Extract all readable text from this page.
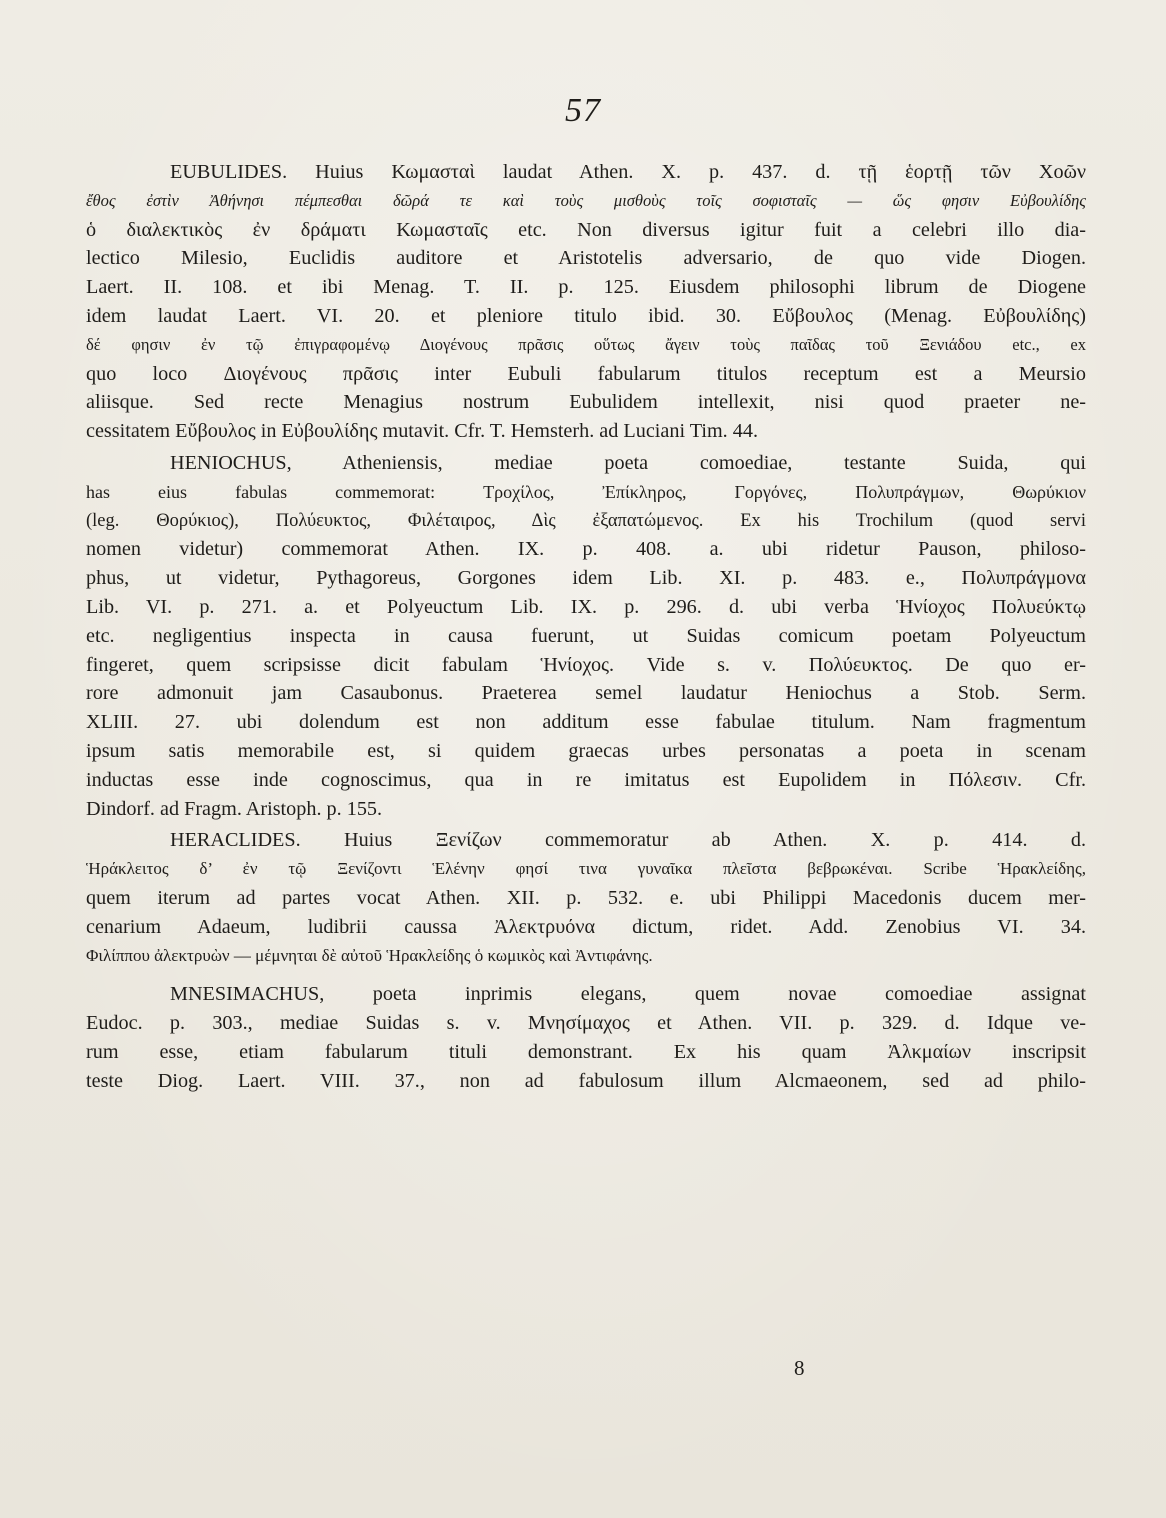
57
EUBULIDES. Huius Κωμασταὶ laudat Athen. X. p. 437. d. τῇ ἑορτῇ τῶν Χοῶν
ἔθος ἐστὶν Ἀθήνησι πέμπεσθαι δῶρά τε καὶ τοὺς μισθοὺς τοῖς σοφισταῖς — ὥς φησιν Εὐβουλίδης
ὁ διαλεκτικὸς ἐν δράματι Κωμασταῖς etc. Non diversus igitur fuit a celebri illo dia-
lectico Milesio, Euclidis auditore et Aristotelis adversario, de quo vide Diogen.
Laert. II. 108. et ibi Menag. T. II. p. 125. Eiusdem philosophi librum de Diogene
idem laudat Laert. VI. 20. et pleniore titulo ibid. 30. Εὔβουλος (Menag. Εὐβουλίδης)
δέ φησιν ἐν τῷ ἐπιγραφομένῳ Διογένους πρᾶσις οὕτως ἄγειν τοὺς παῖδας τοῦ Ξενιάδου etc., ex
quo loco Διογένους πρᾶσις inter Eubuli fabularum titulos receptum est a Meursio
aliisque. Sed recte Menagius nostrum Eubulidem intellexit, nisi quod praeter ne-
cessitatem Εὔβουλος in Εὐβουλίδης mutavit. Cfr. T. Hemsterh. ad Luciani Tim. 44.
HENIOCHUS, Atheniensis, mediae poeta comoediae, testante Suida, qui
has eius fabulas commemorat: Τροχίλος, Ἐπίκληρος, Γοργόνες, Πολυπράγμων, Θωρύκιον
(leg. Θορύκιος), Πολύευκτος, Φιλέταιρος, Δὶς ἐξαπατώμενος. Ex his Trochilum (quod servi
nomen videtur) commemorat Athen. IX. p. 408. a. ubi ridetur Pauson, philoso-
phus, ut videtur, Pythagoreus, Gorgones idem Lib. XI. p. 483. e., Πολυπράγμονα
Lib. VI. p. 271. a. et Polyeuctum Lib. IX. p. 296. d. ubi verba Ἡνίοχος Πολυεύκτῳ
etc. negligentius inspecta in causa fuerunt, ut Suidas comicum poetam Polyeuctum
fingeret, quem scripsisse dicit fabulam Ἡνίοχος. Vide s. v. Πολύευκτος. De quo er-
rore admonuit jam Casaubonus. Praeterea semel laudatur Heniochus a Stob. Serm.
XLIII. 27. ubi dolendum est non additum esse fabulae titulum. Nam fragmentum
ipsum satis memorabile est, si quidem graecas urbes personatas a poeta in scenam
inductas esse inde cognoscimus, qua in re imitatus est Eupolidem in Πόλεσιν. Cfr.
Dindorf. ad Fragm. Aristoph. p. 155.
HERACLIDES. Huius Ξενίζων commemoratur ab Athen. X. p. 414. d.
Ἡράκλειτος δ’ ἐν τῷ Ξενίζοντι Ἑλένην φησί τινα γυναῖκα πλεῖστα βεβρωκέναι. Scribe Ἡρακλείδης,
quem iterum ad partes vocat Athen. XII. p. 532. e. ubi Philippi Macedonis ducem mer-
cenarium Adaeum, ludibrii caussa Ἀλεκτρυόνα dictum, ridet. Add. Zenobius VI. 34.
Φιλίππου ἀλεκτρυὼν — μέμνηται δὲ αὐτοῦ Ἡρακλείδης ὁ κωμικὸς καὶ Ἀντιφάνης.
MNESIMACHUS, poeta inprimis elegans, quem novae comoediae assignat
Eudoc. p. 303., mediae Suidas s. v. Μνησίμαχος et Athen. VII. p. 329. d. Idque ve-
rum esse, etiam fabularum tituli demonstrant. Ex his quam Ἀλκμαίων inscripsit
teste Diog. Laert. VIII. 37., non ad fabulosum illum Alcmaeonem, sed ad philo-
8
